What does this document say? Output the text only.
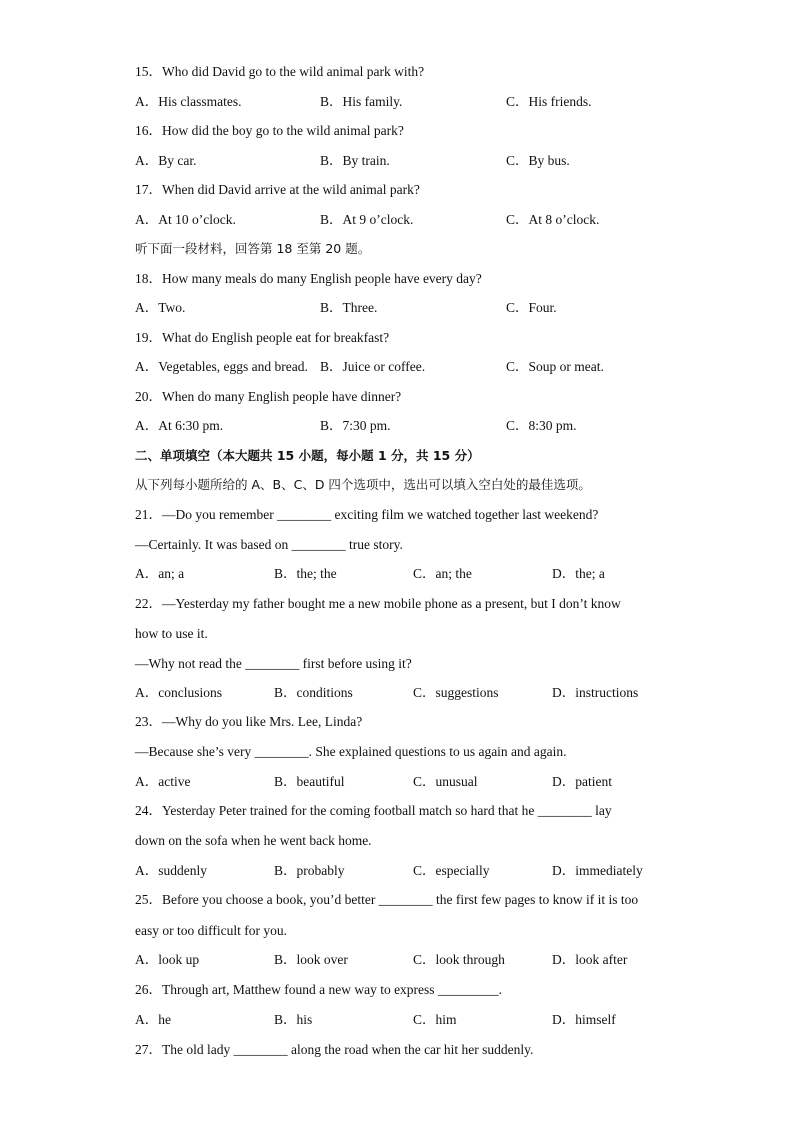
15．Who did David go to the wild animal park with?
A．His classmates.	B．His family.	C．His friends.
16．How did the boy go to the wild animal park?
A．By car.	B．By train.	C．By bus.
17．When did David arrive at the wild animal park?
A．At 10 o’clock.	B．At 9 o’clock.	C．At 8 o’clock.
听下面一段材料，回答第 18 至第 20 题。
18．How many meals do many English people have every day?
A．Two.	B．Three.	C．Four.
19．What do English people eat for breakfast?
A．Vegetables, eggs and bread. B．Juice or coffee.	C．Soup or meat.
20．When do many English people have dinner?
A．At 6:30 pm.	B．7:30 pm.	C．8:30 pm.
二、单项填空（本大题共 15 小题，每小题 1 分，共 15 分）
从下列每小题所给的 A、B、C、D 四个选项中，选出可以填入空白处的最佳选项。
21．—Do you remember ________ exciting film we watched together last weekend?
—Certainly. It was based on ________ true story.
A．an; a	B．the; the	C．an; the	D．the; a
22．—Yesterday my father bought me a new mobile phone as a present, but I don’t know
how to use it.
—Why not read the ________ first before using it?
A．conclusions	B．conditions	C．suggestions	D．instructions
23．—Why do you like Mrs. Lee, Linda?
—Because she’s very ________. She explained questions to us again and again.
A．active	B．beautiful	C．unusual	D．patient
24．Yesterday Peter trained for the coming football match so hard that he ________ lay
down on the sofa when he went back home.
A．suddenly	B．probably	C．especially	D．immediately
25．Before you choose a book, you’d better ________ the first few pages to know if it is too
easy or too difficult for you.
A．look up	B．look over	C．look through	D．look after
26．Through art, Matthew found a new way to express _________.
A．he	B．his	C．him	D．himself
27．The old lady ________ along the road when the car hit her suddenly.
